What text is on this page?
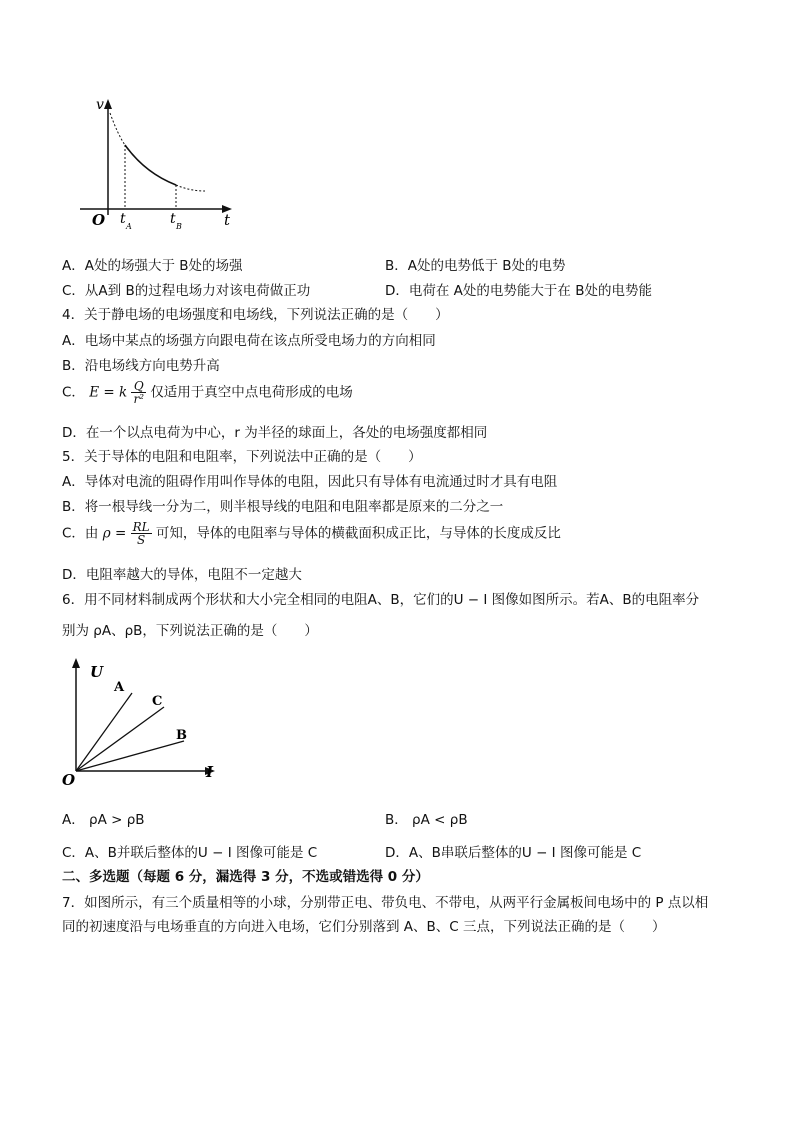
v
t
O t A	t B
A．A处的场强大于 B处的场强	B．A处的电势低于 B处的电势
C．从A到 B的过程电场力对该电荷做正功	D．电荷在 A处的电势能大于在 B处的电势能
4．关于静电场的电场强度和电场线，下列说法正确的是（　　）
A．电场中某点的场强方向跟电荷在该点所受电场力的方向相同
B．沿电场线方向电势升高
C． E = k $\frac{Q}{\text{r²}}$ 仅适用于真空中点电荷形成的电场
D．在一个以点电荷为中心，r 为半径的球面上，各处的电场强度都相同
5．关于导体的电阻和电阻率，下列说法中正确的是（　　）
A．导体对电流的阻碍作用叫作导体的电阻，因此只有导体有电流通过时才具有电阻
B．将一根导线一分为二，则半根导线的电阻和电阻率都是原来的二分之一
C．由 $\rho = \frac{RL}{S}$ 可知，导体的电阻率与导体的横截面积成正比，与导体的长度成反比
D．电阻率越大的导体，电阻不一定越大
6．用不同材料制成两个形状和大小完全相同的电阻A、B，它们的U − I 图像如图所示。若A、B的电阻率分
别为 ρA、ρB，下列说法正确的是（　　）
U
I
O
A
C
B
A． ρA > ρB	B． ρA < ρB
C．A、B并联后整体的U − I 图像可能是 C	D．A、B串联后整体的U − I 图像可能是 C
二、多选题（每题 6 分，漏选得 3 分，不选或错选得 0 分）
7．如图所示，有三个质量相等的小球，分别带正电、带负电、不带电，从两平行金属板间电场中的 P 点以相
同的初速度沿与电场垂直的方向进入电场，它们分别落到 A、B、C 三点，下列说法正确的是（　　）
